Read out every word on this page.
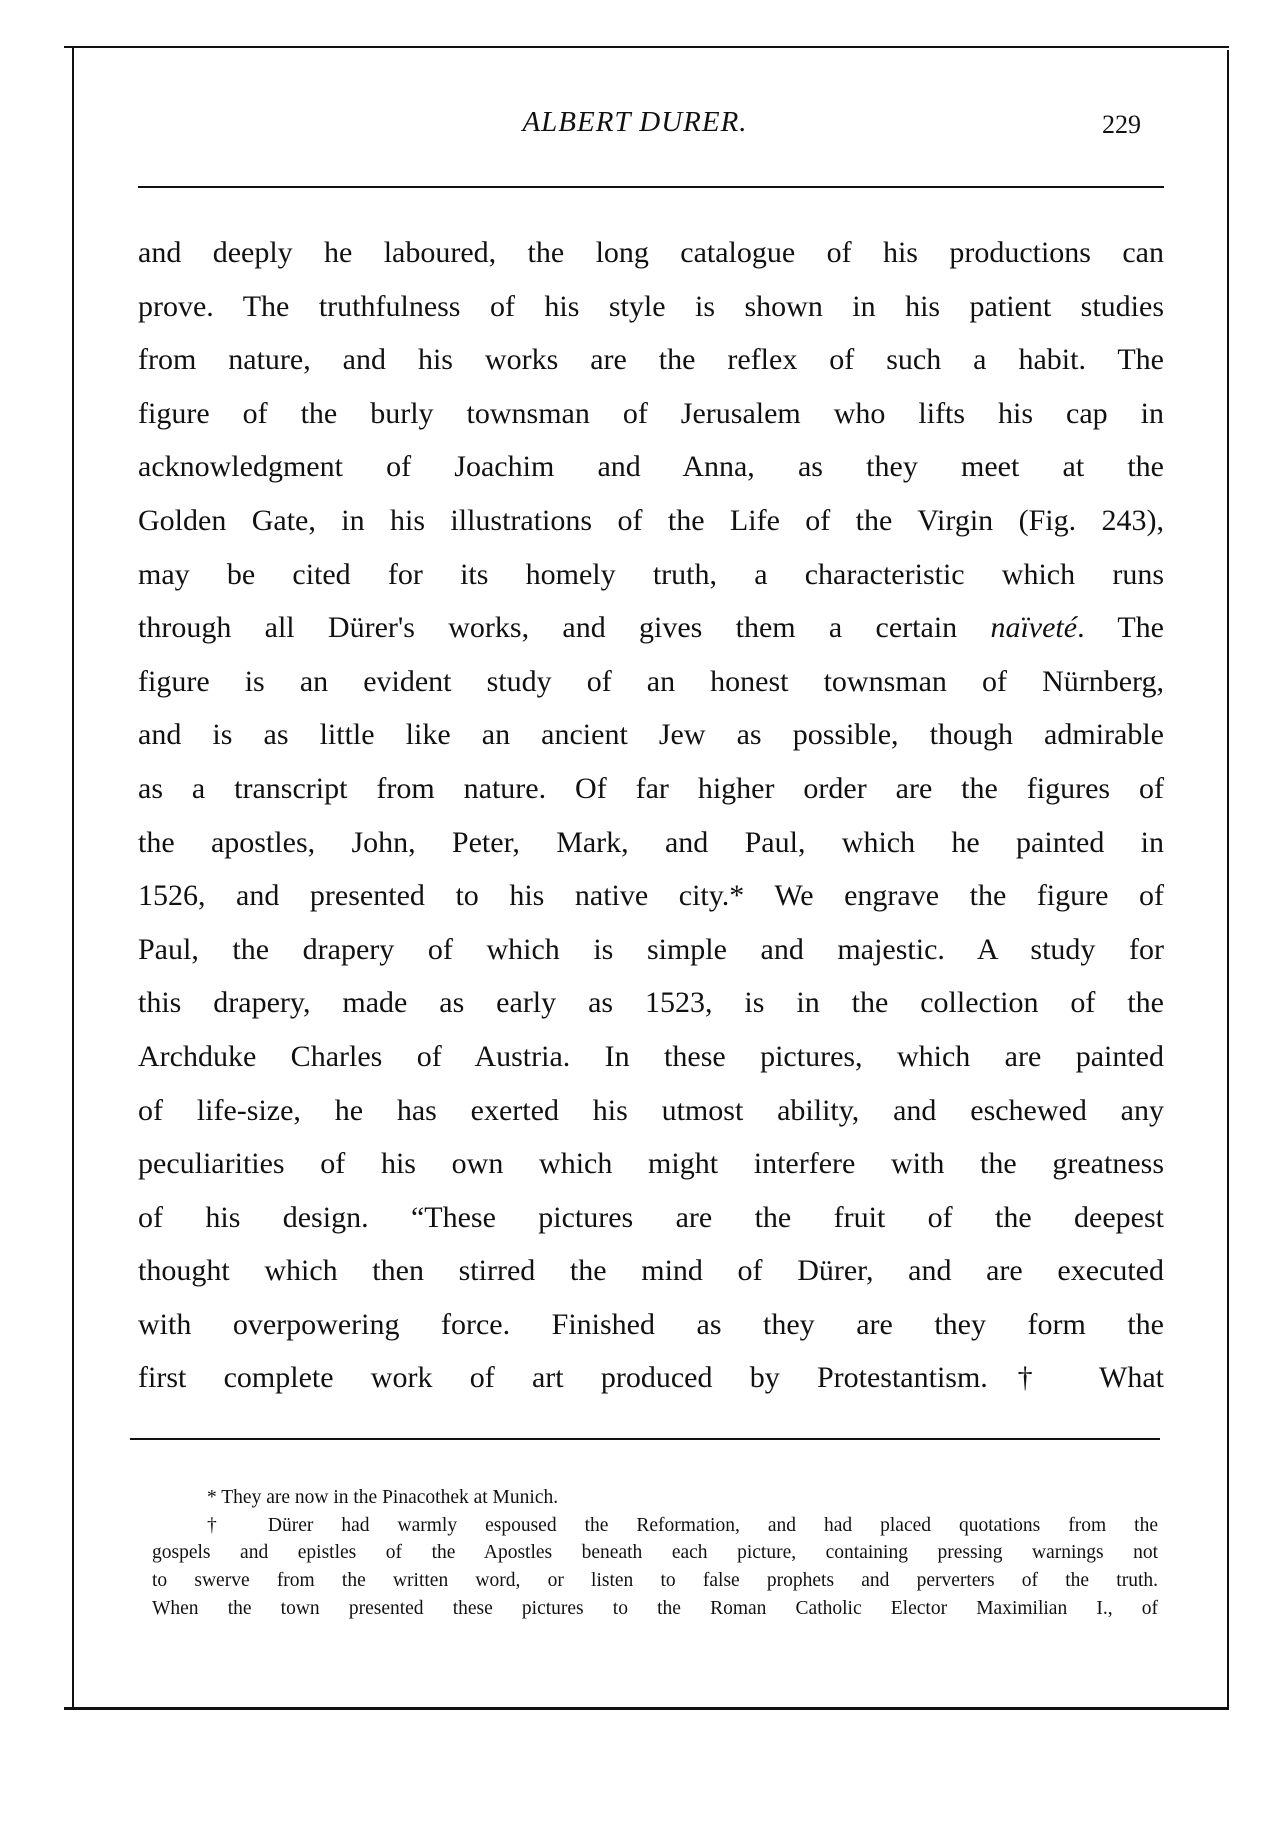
ALBERT DURER.	229
and deeply he laboured, the long catalogue of his productions can
prove. The truthfulness of his style is shown in his patient studies
from nature, and his works are the reflex of such a habit. The
figure of the burly townsman of Jerusalem who lifts his cap in
acknowledgment of Joachim and Anna, as they meet at the
Golden Gate, in his illustrations of the Life of the Virgin (Fig. 243),
may be cited for its homely truth, a characteristic which runs
through all Dürer's works, and gives them a certain naïveté. The
figure is an evident study of an honest townsman of Nürnberg,
and is as little like an ancient Jew as possible, though admirable
as a transcript from nature. Of far higher order are the figures of
the apostles, John, Peter, Mark, and Paul, which he painted in
1526, and presented to his native city.* We engrave the figure of
Paul, the drapery of which is simple and majestic. A study for
this drapery, made as early as 1523, is in the collection of the
Archduke Charles of Austria. In these pictures, which are painted
of life-size, he has exerted his utmost ability, and eschewed any
peculiarities of his own which might interfere with the greatness
of his design. “These pictures are the fruit of the deepest
thought which then stirred the mind of Dürer, and are executed
with overpowering force. Finished as they are they form the
first complete work of art produced by Protestantism.† What
* They are now in the Pinacothek at Munich.
† Dürer had warmly espoused the Reformation, and had placed quotations from the
gospels and epistles of the Apostles beneath each picture, containing pressing warnings not
to swerve from the written word, or listen to false prophets and perverters of the truth.
When the town presented these pictures to the Roman Catholic Elector Maximilian I., of
